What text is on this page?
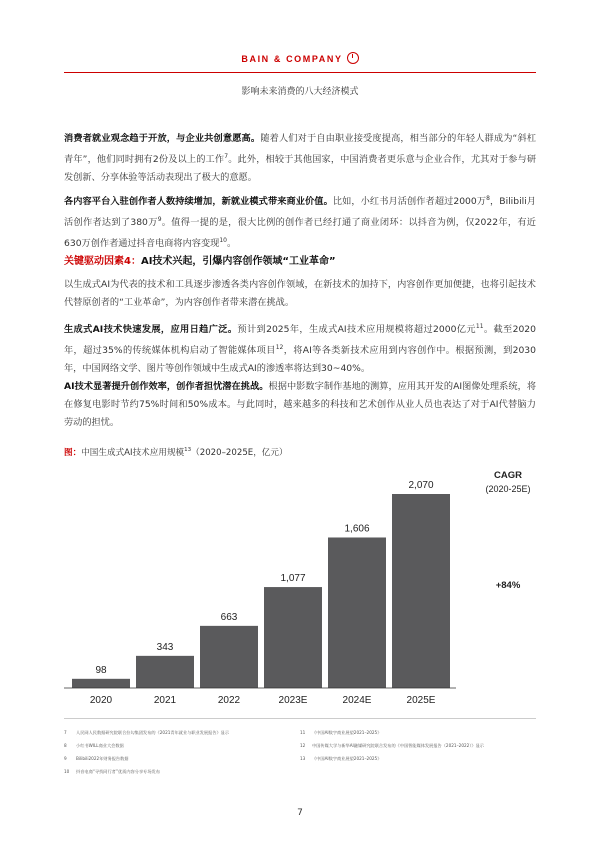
BAIN & COMPANY
影响未来消费的八大经济模式

消费者就业观念趋于开放，与企业共创意愿高。随着人们对于自由职业接受度提高，相当部分的年轻人群成为“斜杠青年”，他们同时拥有2份及以上的工作$^7$。此外，相较于其他国家，中国消费者更乐意与企业合作，尤其对于参与研发创新、分享体验等活动表现出了极大的意愿。

各内容平台入驻创作者人数持续增加，新就业模式带来商业价值。比如，小红书月活创作者超过2000万$^8$，Bilibili月活创作者达到了380万$^9$。值得一提的是，很大比例的创作者已经打通了商业闭环：以抖音为例，仅2022年，有近630万创作者通过抖音电商将内容变现$^{10}$。

关键驱动因素4：AI技术兴起，引爆内容创作领域“工业革命”

以生成式AI为代表的技术和工具逐步渗透各类内容创作领域，在新技术的加持下，内容创作更加便捷，也将引起技术代替原创者的“工业革命”，为内容创作者带来潜在挑战。

生成式AI技术快速发展，应用日趋广泛。预计到2025年，生成式AI技术应用规模将超过2000亿元$^{11}$。截至2020年，超过35%的传统媒体机构启动了智能媒体项目$^{12}$，将AI等各类新技术应用到内容创作中。根据预测，到2030年，中国网络文学、图片等创作领域中生成式AI的渗透率将达到30~40%。

AI技术显著提升创作效率，创作者担忧潜在挑战。根据中影数字制作基地的测算，应用其开发的AI图像处理系统，将在修复电影时节约75%时间和50%成本。与此同时，越来越多的科技和艺术创作从业人员也表达了对于AI代替脑力劳动的担忧。

图：中国生成式AI技术应用规模$^{13}$（2020–2025E，亿元）
98
2020
343
2021
663
2022
1,077
2023E
1,606
2024E
2,070
2025E
CAGR
(2020-25E)
+84%
7 人民网人民数据研究院联合拉勾集团发布的《2021青年就业与职业发展报告》显示
8 小红书WILL商业大会数据
9 Bilibili2022年财务报告数据
10 抖音电商“寻找同行者”优质内容分享专场发布
11 《中国AI数字商业展望2021–2025》
12 中国传媒大学与新华AI融媒研究院联合发布的《中国智能媒体发展报告（2021–2022）》显示
13 《中国AI数字商业展望2021–2025》
7
